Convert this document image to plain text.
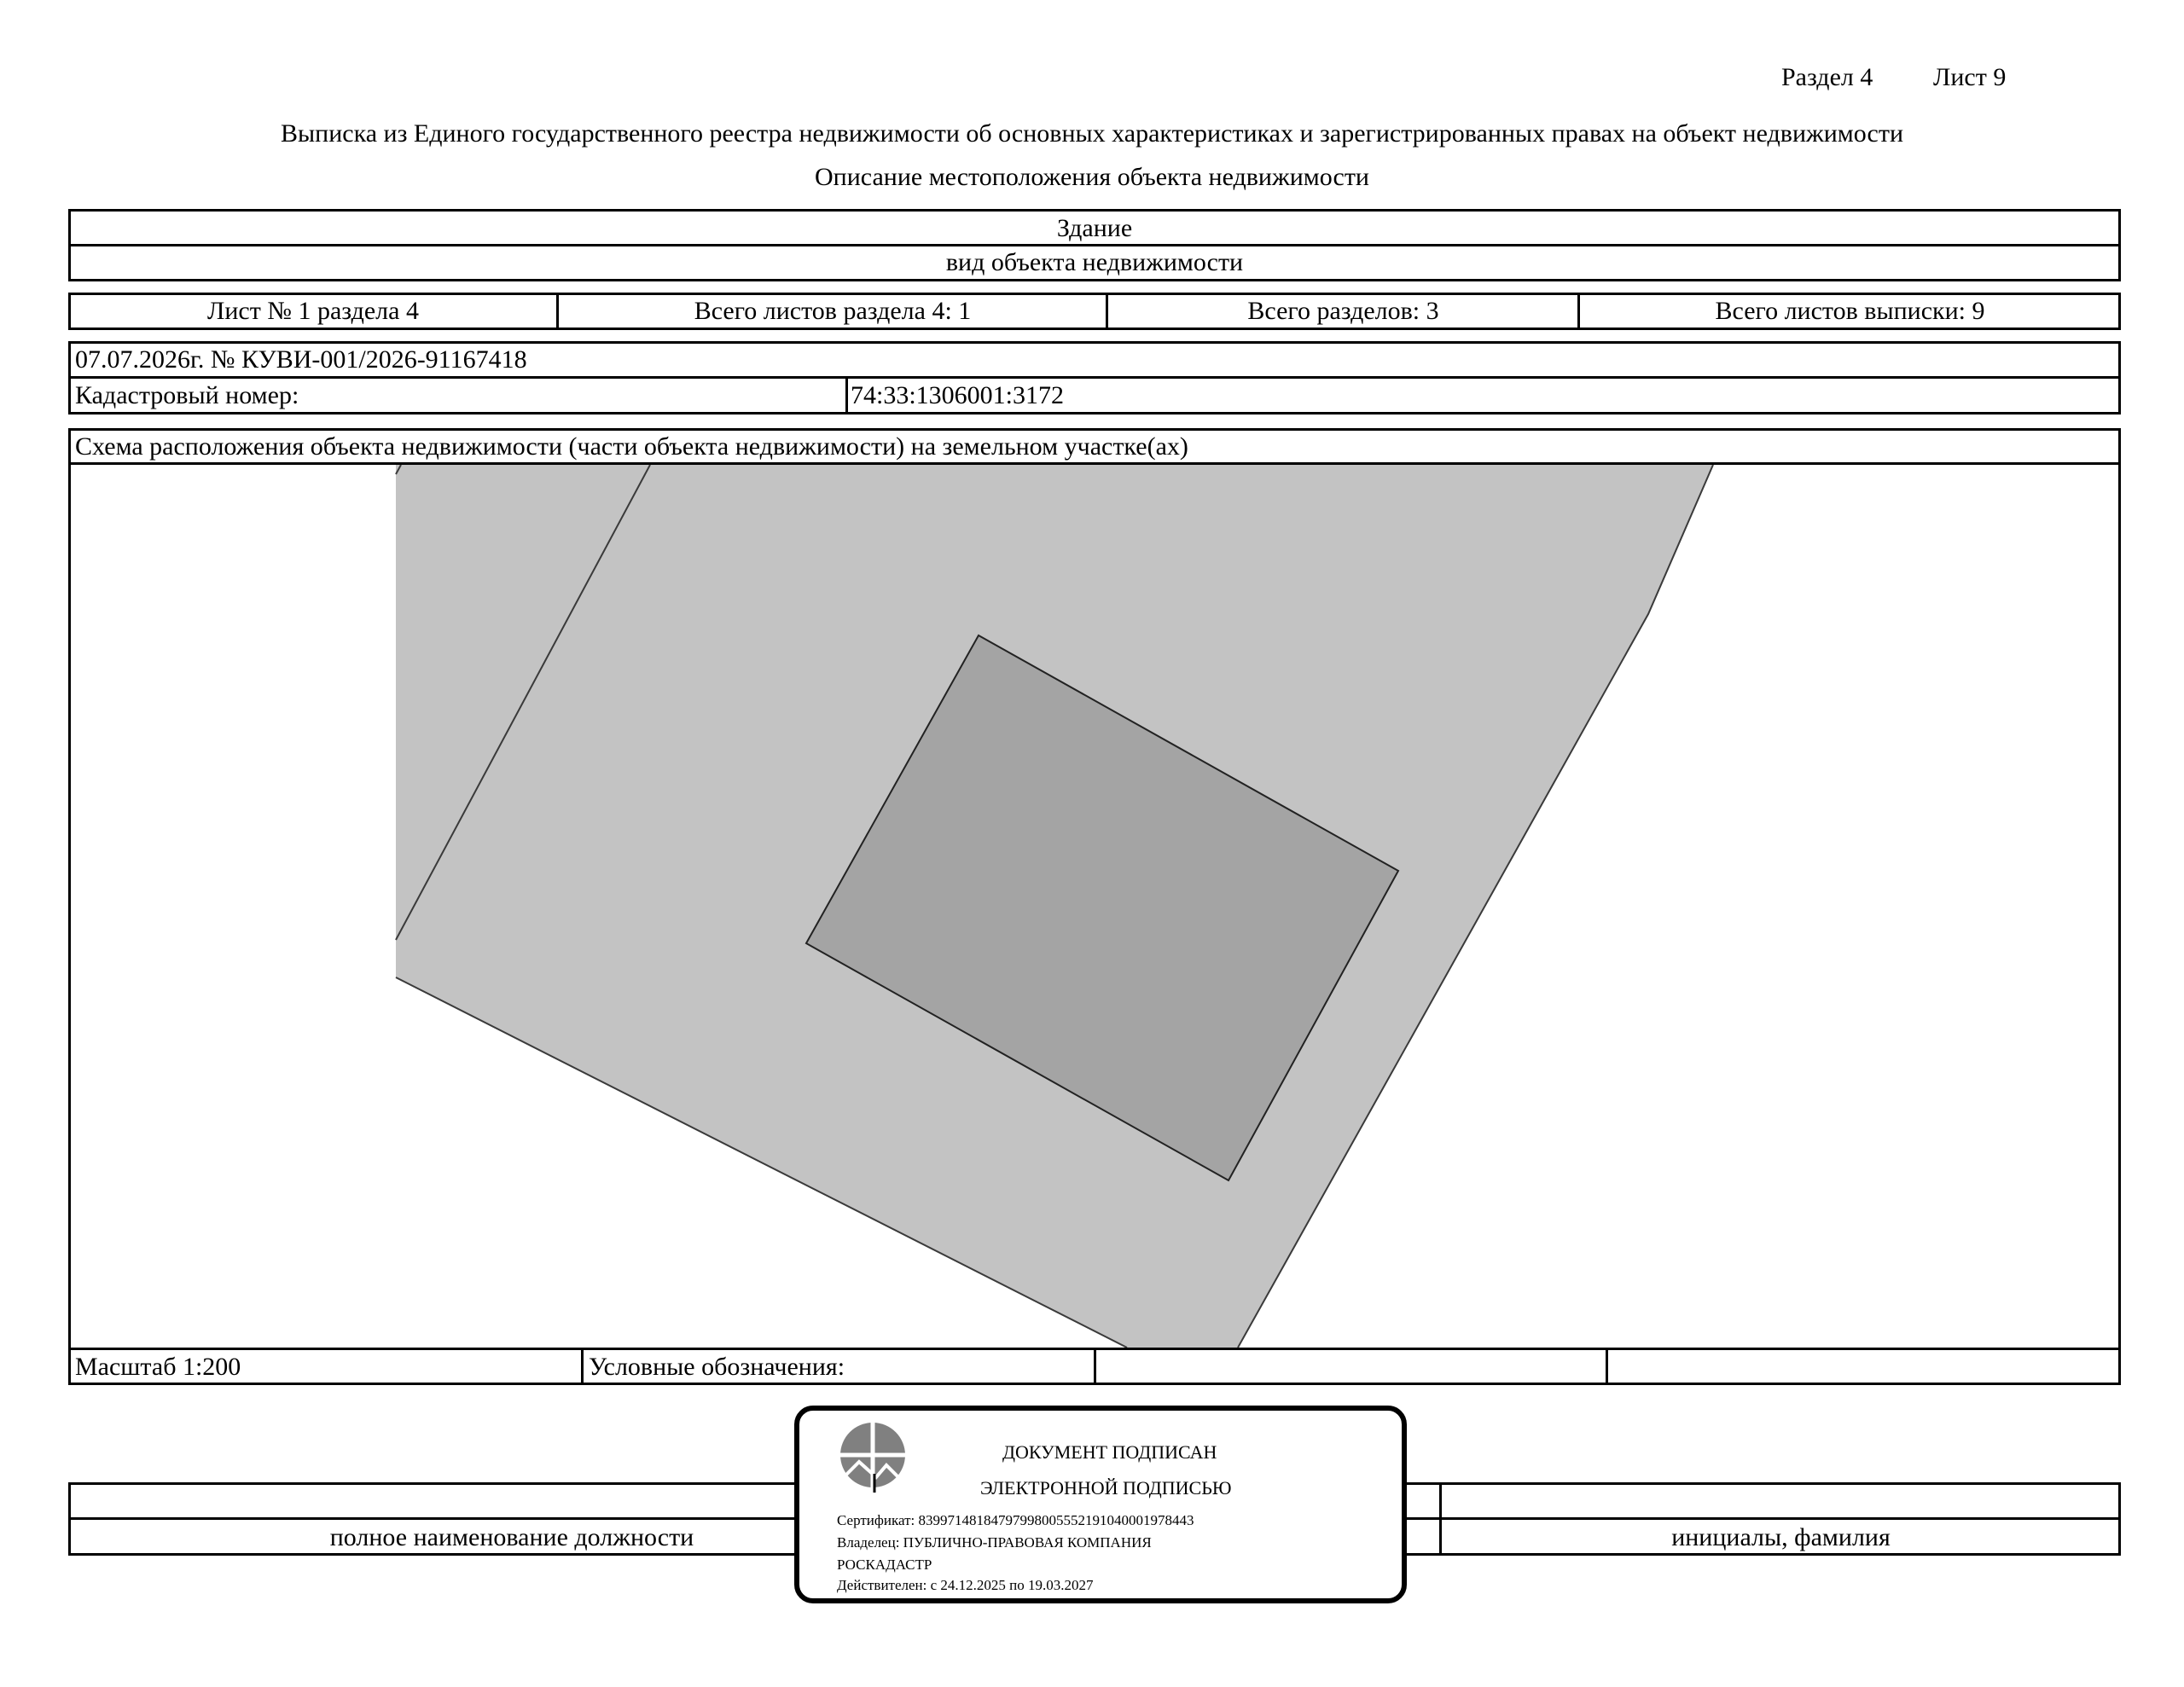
Раздел 4 Лист 9
Выписка из Единого государственного реестра недвижимости об основных характеристиках и зарегистрированных правах на объект недвижимости
Описание местоположения объекта недвижимости
Здание
вид объекта недвижимости
Лист № 1 раздела 4	Всего листов раздела 4: 1	Всего разделов: 3	Всего листов выписки: 9
07.07.2026г. № КУВИ-001/2026-91167418
Кадастровый номер:	74:33:1306001:3172
Схема расположения объекта недвижимости (части объекта недвижимости) на земельном участке(ах)
Масштаб 1:200	Условные обозначения:
полное наименование должности	инициалы, фамилия
ДОКУМЕНТ ПОДПИСАН
ЭЛЕКТРОННОЙ ПОДПИСЬЮ
Сертификат: 83997148184797998005552191040001978443
Владелец: ПУБЛИЧНО-ПРАВОВАЯ КОМПАНИЯ
РОСКАДАСТР
Действителен: с 24.12.2025 по 19.03.2027
